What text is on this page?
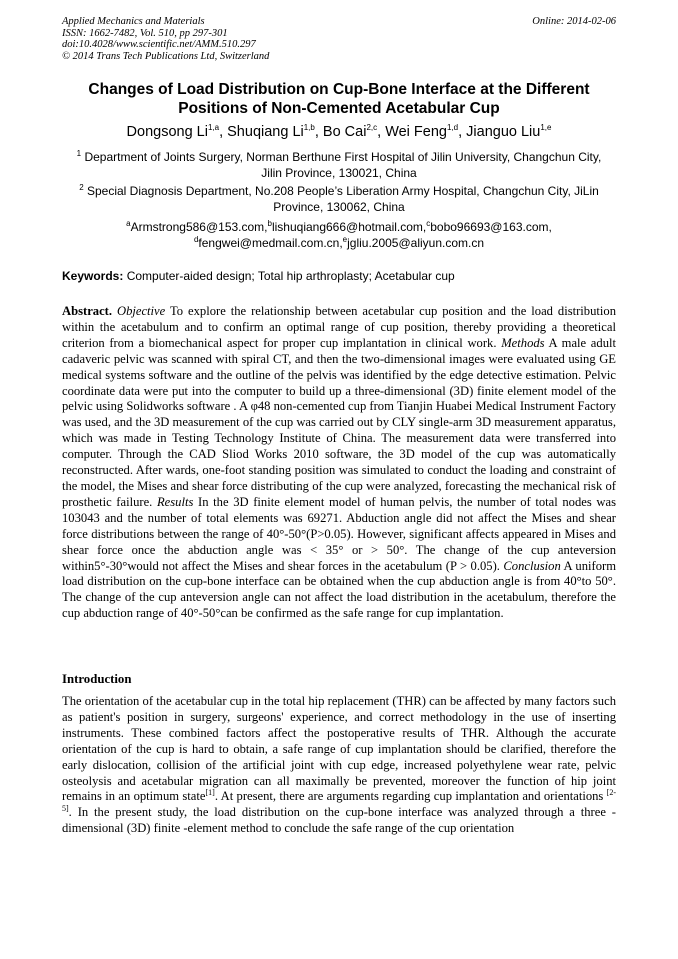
Applied Mechanics and Materials
ISSN: 1662-7482, Vol. 510, pp 297-301
doi:10.4028/www.scientific.net/AMM.510.297
© 2014 Trans Tech Publications Ltd, Switzerland
Online: 2014-02-06
Changes of Load Distribution on Cup-Bone Interface at the Different
Positions of Non-Cemented Acetabular Cup
Dongsong Li$^{1,a}$, Shuqiang Li$^{1,b}$, Bo Cai$^{2,c}$, Wei Feng$^{1,d}$, Jianguo Liu$^{1,e}$
$^1$ Department of Joints Surgery, Norman Berthune First Hospital of Jilin University, Changchun City,
Jilin Province, 130021, China
$^2$ Special Diagnosis Department, No.208 People’s Liberation Army Hospital, Changchun City, JiLin
Province, 130062, China
$^a$Armstrong586@153.com,$^b$lishuqiang666@hotmail.com,$^c$bobo96693@163.com,
$^d$fengwei@medmail.com.cn,$^e$jgliu.2005@aliyun.com.cn
Keywords: Computer-aided design; Total hip arthroplasty; Acetabular cup

Abstract. Objective To explore the relationship between acetabular cup position and the load distribution within the acetabulum and to confirm an optimal range of cup position, thereby providing a theoretical criterion from a biomechanical aspect for proper cup implantation in clinical work. Methods A male adult cadaveric pelvic was scanned with spiral CT, and then the two-dimensional images were evaluated using GE medical systems software and the outline of the pelvis was identified by the edge detective estimation. Pelvic coordinate data were put into the computer to build up a three-dimensional (3D) finite element model of the pelvic using Solidworks software . A φ48 non-cemented cup from Tianjin Huabei Medical Instrument Factory was used, and the 3D measurement of the cup was carried out by CLY single-arm 3D measurement apparatus, which was made in Testing Technology Institute of China. The measurement data were transferred into computer. Through the CAD Sliod Works 2010 software, the 3D model of the cup was automatically reconstructed. After wards, one-foot standing position was simulated to conduct the loading and constraint of the model, the Mises and shear force distributing of the cup were analyzed, forecasting the mechanical risk of prosthetic failure. Results In the 3D finite element model of human pelvis, the number of total nodes was 103043 and the number of total elements was 69271. Abduction angle did not affect the Mises and shear force distributions between the range of 40°-50°(P>0.05). However, significant affects appeared in Mises and shear force once the abduction angle was < 35° or > 50°. The change of the cup anteversion within5°-30°would not affect the Mises and shear forces in the acetabulum (P > 0.05). Conclusion A uniform load distribution on the cup-bone interface can be obtained when the cup abduction angle is from 40°to 50°. The change of the cup anteversion angle can not affect the load distribution in the acetabulum, therefore the cup abduction range of 40°-50°can be confirmed as the safe range for cup implantation.

Introduction

The orientation of the acetabular cup in the total hip replacement (THR) can be affected by many factors such as patient's position in surgery, surgeons' experience, and correct methodology in the use of inserting instruments. These combined factors affect the postoperative results of THR. Although the accurate orientation of the cup is hard to obtain, a safe range of cup implantation should be clarified, therefore the early dislocation, collision of the artificial joint with cup edge, increased polyethylene wear rate, pelvic osteolysis and acetabular migration can all maximally be prevented, moreover the function of hip joint remains in an optimum state[1]. At present, there are arguments regarding cup implantation and orientations [2-5]. In the present study, the load distribution on the cup-bone interface was analyzed through a three -dimensional (3D) finite -element method to conclude the safe range of the cup orientation
